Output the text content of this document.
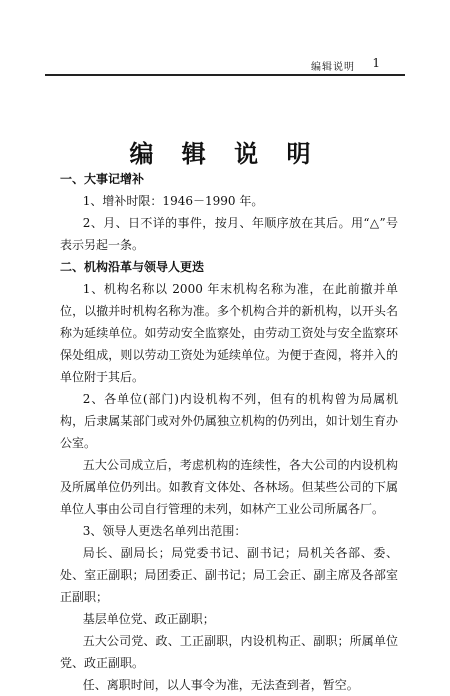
编辑说明 1
编 辑 说 明

一、大事记增补

1、增补时限：1946－1990 年。

2、月、日不详的事件，按月、年顺序放在其后。用“△”号表示另起一条。

二、机构沿革与领导人更迭

1、机构名称以 2000 年末机构名称为准，在此前撤并单位，以撤并时机构名称为准。多个机构合并的新机构，以开头名称为延续单位。如劳动安全监察处，由劳动工资处与安全监察环保处组成，则以劳动工资处为延续单位。为便于查阅，将并入的单位附于其后。

2、各单位(部门)内设机构不列，但有的机构曾为局属机构，后隶属某部门或对外仍属独立机构的仍列出，如计划生育办公室。

五大公司成立后，考虑机构的连续性，各大公司的内设机构及所属单位仍列出。如教育文体处、各林场。但某些公司的下属单位人事由公司自行管理的未列，如林产工业公司所属各厂。

3、领导人更迭名单列出范围：

局长、副局长；局党委书记、副书记；局机关各部、委、处、室正副职；局团委正、副书记；局工会正、副主席及各部室正副职；

基层单位党、政正副职；

五大公司党、政、工正副职，内设机构正、副职；所属单位党、政正副职。

任、离职时间，以人事令为准，无法查到者，暂空。
